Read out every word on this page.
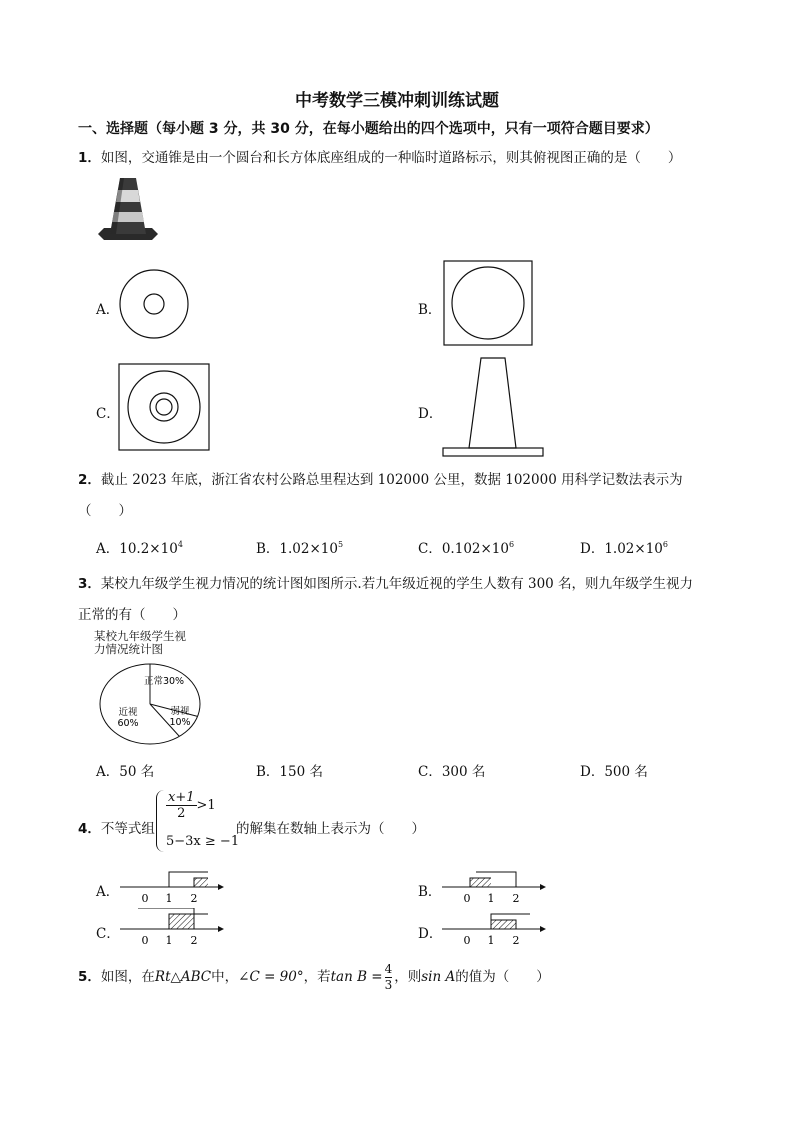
中考数学三模冲刺训练试题
一、选择题（每小题 3 分，共 30 分，在每小题给出的四个选项中，只有一项符合题目要求）
1．如图，交通锥是由一个圆台和长方体底座组成的一种临时道路标示，则其俯视图正确的是（　　）
A．	B．
C．	D．
2．截止 2023 年底，浙江省农村公路总里程达到 102000 公里，数据 102000 用科学记数法表示为
（　　）
A．$10.2\times 10^4$	B．$1.02\times 10^5$	C．$0.102\times 10^6$	D．$1.02\times 10^6$
3．某校九年级学生视力情况的统计图如图所示.若九年级近视的学生人数有 300 名，则九年级学生视力
正常的有（　　）
某校九年级学生视
力情况统计图
正常30%
近视
60%
弱视
10%
A．50 名	B．150 名	C．300 名	D．500 名
4．不等式组
$\frac{x+1}{2} >1$
5−3x ≥ −1
的解集在数轴上表示为（　　）
A．	B．
C．	D．
0 1 2	0 1 2
0 1 2	0 1 2
5．如图，在Rt△ABC中，∠C = 90°，若$\tan B = \frac{4}{3}$ ，则sin A的值为（　　）
